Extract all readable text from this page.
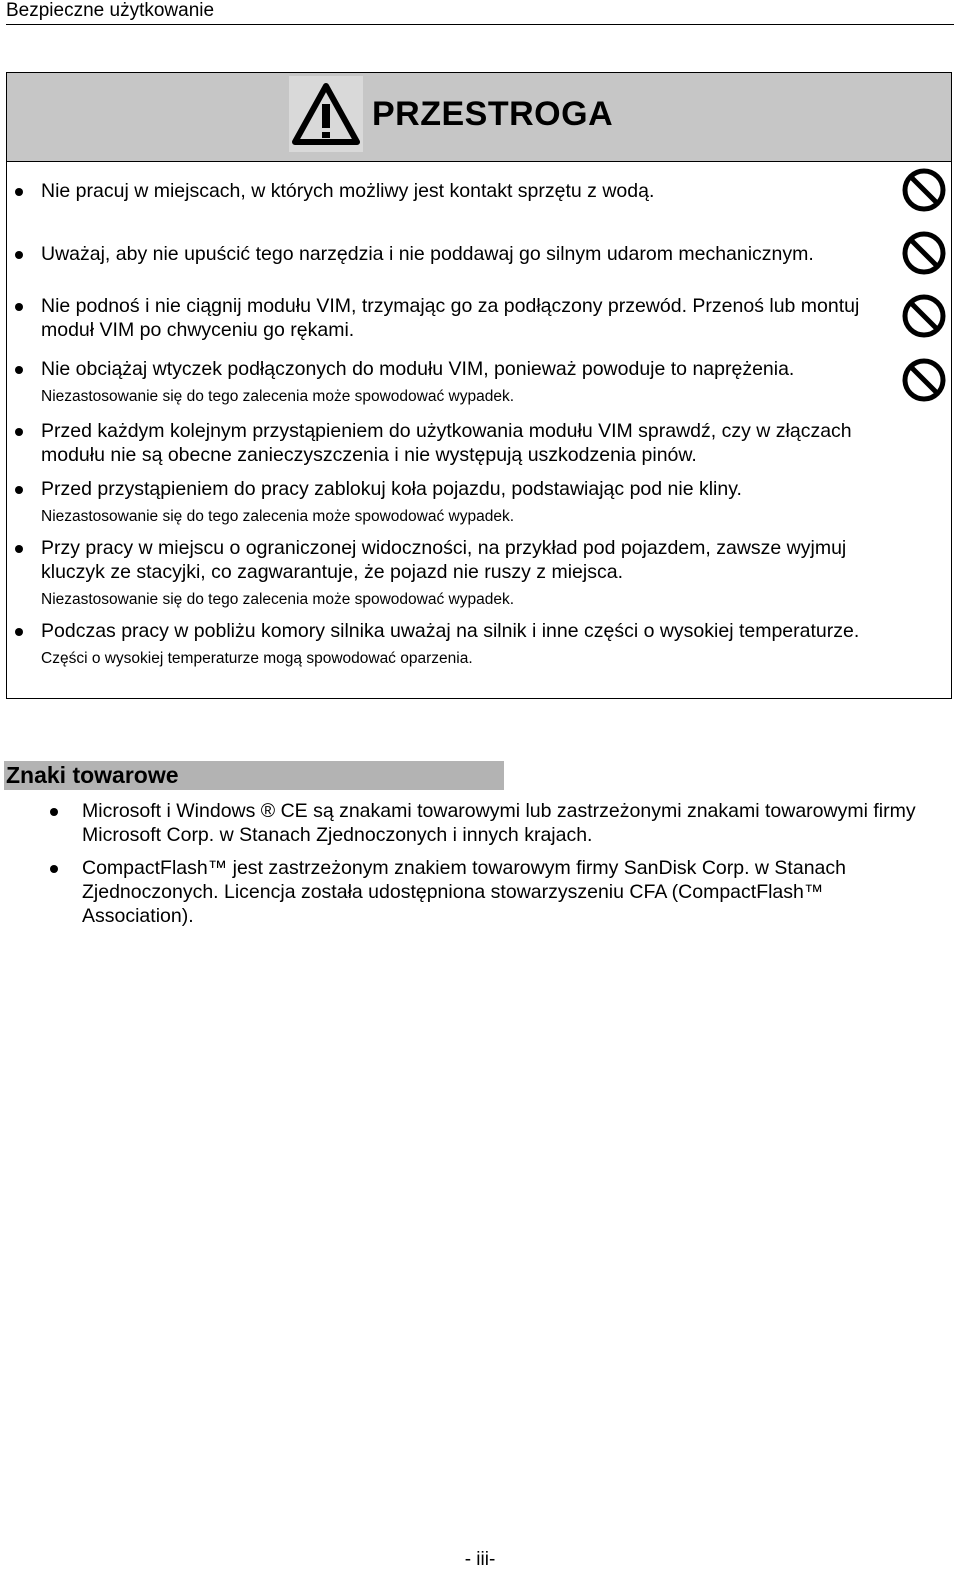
Bezpieczne użytkowanie
PRZESTROGA
Nie pracuj w miejscach, w których możliwy jest kontakt sprzętu z wodą.
Uważaj, aby nie upuścić tego narzędzia i nie poddawaj go silnym udarom mechanicznym.
Nie podnoś i nie ciągnij modułu VIM, trzymając go za podłączony przewód. Przenoś lub montuj moduł VIM po chwyceniu go rękami.
Nie obciążaj wtyczek podłączonych do modułu VIM, ponieważ powoduje to naprężenia.
Niezastosowanie się do tego zalecenia może spowodować wypadek.
Przed każdym kolejnym przystąpieniem do użytkowania modułu VIM sprawdź, czy w złączach modułu nie są obecne zanieczyszczenia i nie występują uszkodzenia pinów.
Przed przystąpieniem do pracy zablokuj koła pojazdu, podstawiając pod nie kliny.
Niezastosowanie się do tego zalecenia może spowodować wypadek.
Przy pracy w miejscu o ograniczonej widoczności, na przykład pod pojazdem, zawsze wyjmuj kluczyk ze stacyjki, co zagwarantuje, że pojazd nie ruszy z miejsca.
Niezastosowanie się do tego zalecenia może spowodować wypadek.
Podczas pracy w pobliżu komory silnika uważaj na silnik i inne części o wysokiej temperaturze.
Części o wysokiej temperaturze mogą spowodować oparzenia.
Znaki towarowe
Microsoft i Windows ® CE są znakami towarowymi lub zastrzeżonymi znakami towarowymi firmy Microsoft Corp. w Stanach Zjednoczonych i innych krajach.
CompactFlash™ jest zastrzeżonym znakiem towarowym firmy SanDisk Corp. w Stanach Zjednoczonych. Licencja została udostępniona stowarzyszeniu CFA (CompactFlash™ Association).
- iii-
